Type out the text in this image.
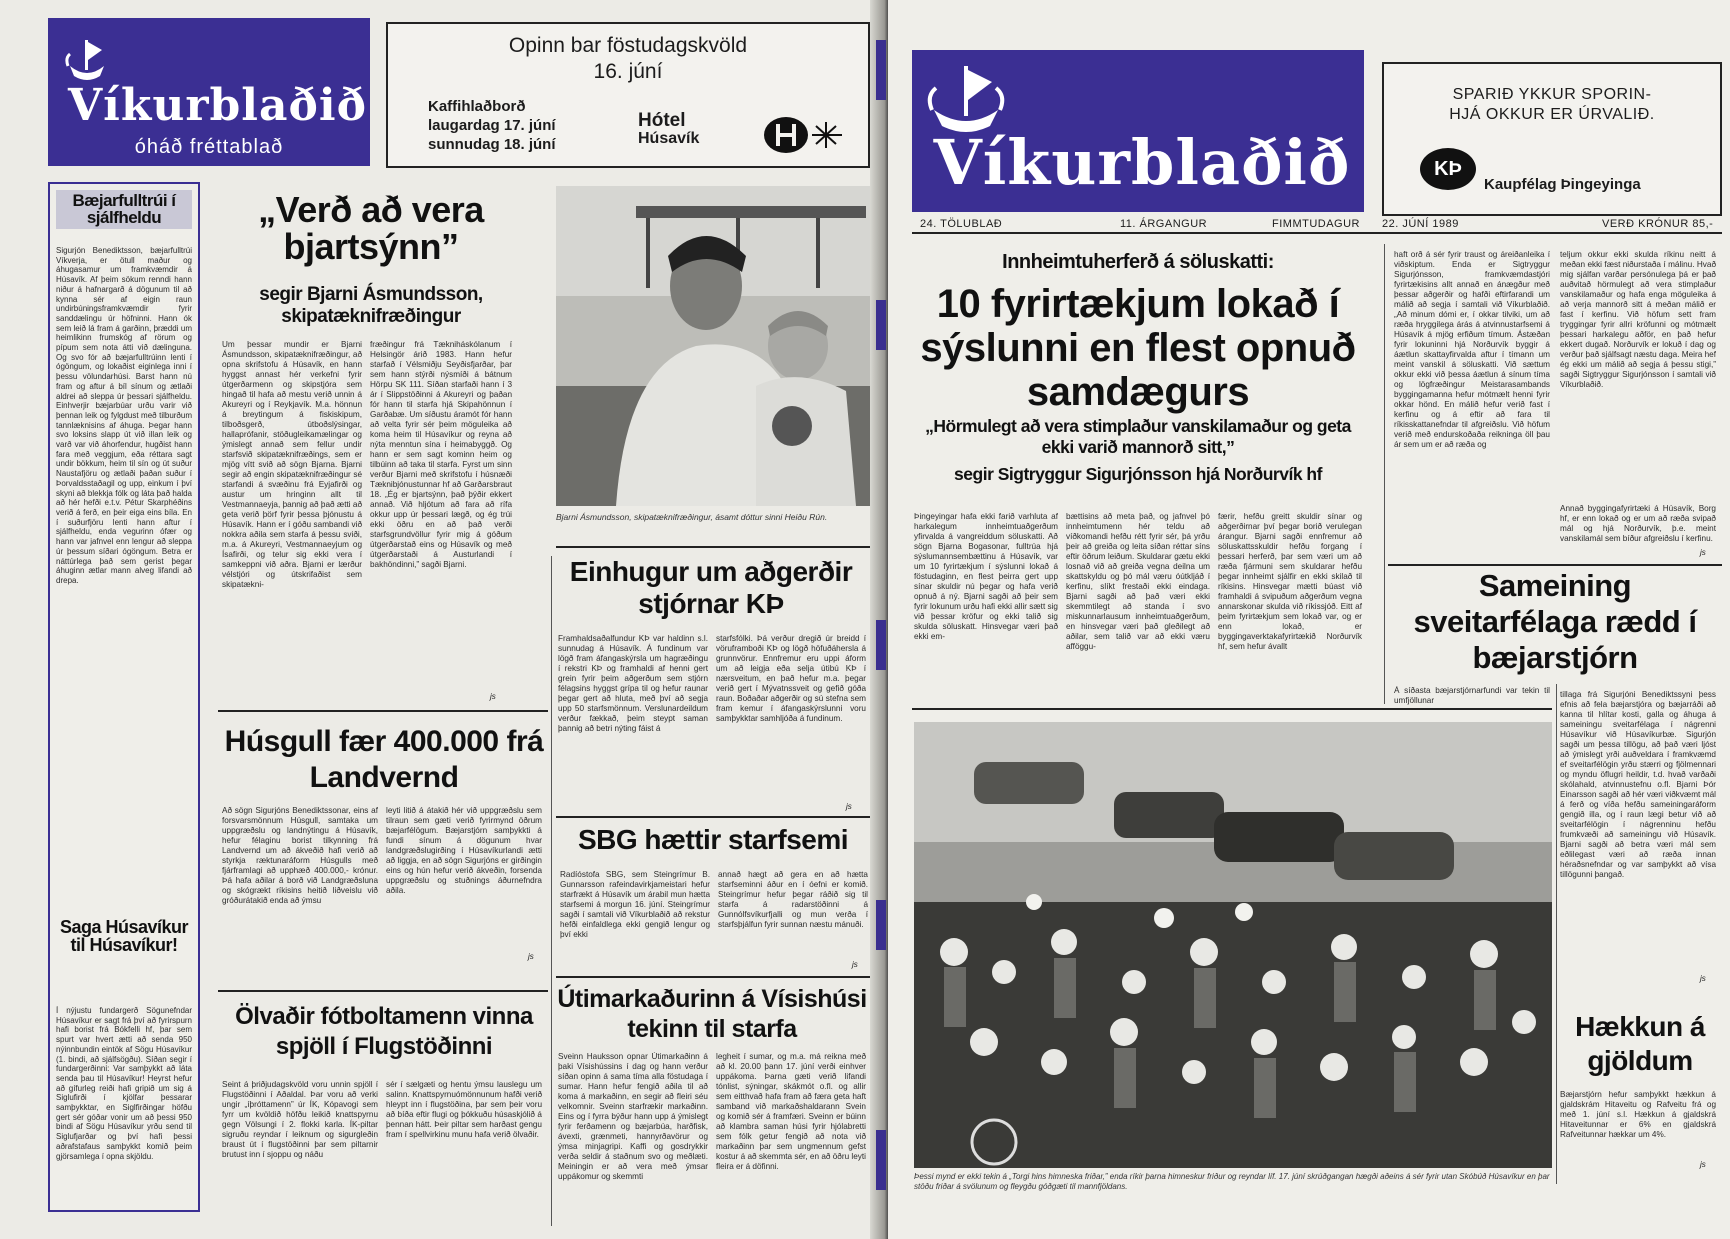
Víkurblaðið
óháð fréttablað
Opinn bar föstudagskvöld
16. júní
Kaffihlaðborð
laugardag 17. júní
sunnudag 18. júní
Hótel
Húsavík
Bæjarfulltrúi í sjálfheldu
Sigurjón Benediktsson, bæjarfulltrúi Víkverja, er ötull maður og áhugasamur um framkvæmdir á Húsavík. Af þeim sökum renndi hann niður á hafnargarð á dögunum til að kynna sér af eigin raun undirbúningsframkvæmdir fyrir sanddælingu úr höfninni. Hann ók sem leið lá fram á garðinn, þræddi um heimlikinn frumskóg af rörum og pípum sem nota átti við dælinguna. Og svo fór að bæjarfulltrúinn lenti í ógöngum, og lokaðist eiginlega inni í þessu völundarhúsi. Barst hann nú fram og aftur á bíl sínum og ætlaði aldrei að sleppa úr þessari sjálfheldu. Einhverjir bæjarbúar urðu varir við þennan leik og fylgdust með tilburðum tannlæknisins af áhuga. Þegar hann svo loksins slapp út við illan leik og varð var við áhorfendur, hugðist hann fara með veggjum, eða réttara sagt undir bökkum, heim til sín og út suður Naustafjöru og ætlaði þaðan suður í Þorvaldsstaðagil og upp, einkum í því skyni að blekkja fólk og láta það halda að hér hefði e.t.v. Pétur Skarphéðins verið á ferð, en þeir eiga eins bíla. En í suðurfjöru lenti hann aftur í sjálfheldu, enda vegurinn ófær og hann var jafnvel enn lengur að sleppa úr þessum síðari ógöngum. Betra er náttúrlega það sem gerist þegar áhuginn ætlar mann alveg lifandi að drepa.
Saga Húsavíkur til Húsavíkur!
Í nýjustu fundargerð Sögunefndar Húsavíkur er sagt frá því að fyrirspurn hafi borist frá Bókfelli hf, þar sem spurt var hvert ætti að senda 950 nýinnbundin eintök af Sögu Húsavíkur (1. bindi, að sjálfsögðu). Síðan segir í fundargerðinni: Var samþykkt að láta senda þau til Húsavíkur! Heyrst hefur að gífurleg reiði hafi gripið um sig á Siglufirði í kjölfar þessarar samþykktar, en Siglfirðingar höfðu gert sér góðar vonir um að þessi 950 bindi af Sögu Húsavíkur yrðu send til Siglufjarðar og því hafi þessi aðrafstafaus samþykkt komið þeim gjörsamlega í opna skjöldu.
„Verð að vera bjartsýnn”
segir Bjarni Ásmundsson, skipatæknifræðingur
Um þessar mundir er Bjarni Ásmundsson, skipatæknifræðingur, að opna skrifstofu á Húsavík, en hann hyggst annast hér verkefni fyrir útgerðarmenn og skipstjóra sem hingað til hafa að mestu verið unnin á Akureyri og í Reykjavík. M.a. hönnun á breytingum á fiskiskipum, tilboðsgerð, útboðslýsingar, hallaprófanir, stöðugleikamælingar og ýmislegt annað sem fellur undir starfsvið skipatæknifræðings, sem er mjög vítt svið að sögn Bjarna. Bjarni segir að engin skipatæknifræðingur sé starfandi á svæðinu frá Eyjafirði og austur um hringinn allt til Vestmannaeyja, þannig að það ætti að geta verið þörf fyrir þessa þjónustu á Húsavík. Hann er í góðu sambandi við nokkra aðila sem starfa á þessu sviði, m.a. á Akureyri, Vestmannaeyjum og Ísafirði, og telur sig ekki vera í samkeppni við aðra. Bjarni er lærður vélstjóri og útskrifaðist sem skipatækni-
fræðingur frá Tækniháskólanum í Helsingör árið 1983. Hann hefur starfað í Vélsmiðju Seyðisfjarðar, þar sem hann stýrði nýsmíði á bátnum Hörpu SK 111. Síðan starfaði hann í 3 ár í Slippstöðinni á Akureyri og þaðan fór hann til starfa hjá Skipahönnun í Garðabæ. Um síðustu áramót fór hann að velta fyrir sér þeim möguleika að koma heim til Húsavíkur og reyna að nýta menntun sína í heimabyggð. Og hann er sem sagt kominn heim og tilbúinn að taka til starfa. Fyrst um sinn verður Bjarni með skrifstofu í húsnæði Tæknibjónustunnar hf að Garðarsbraut 18. „Ég er bjartsýnn, það þýðir ekkert annað. Við hljótum að fara að rífa okkur upp úr þessari lægð, og ég trúi ekki öðru en að það verði starfsgrundvöllur fyrir mig á góðum útgerðarstað eins og Húsavík og með útgerðarstaði á Austurlandi í bakhöndinni,” sagði Bjarni.
js
Bjarni Ásmundsson, skipatæknifræðingur, ásamt dóttur sinni Heiðu Rún.
Einhugur um aðgerðir stjórnar KÞ
Framhaldsaðalfundur KÞ var haldinn s.l. sunnudag á Húsavík. Á fundinum var lögð fram áfangaskýrsla um hagræðingu í rekstri KÞ og framhaldi af henni gert grein fyrir þeim aðgerðum sem stjórn félagsins hyggst grípa til og hefur raunar þegar gert að hluta, með því að segja upp 50 starfsmönnum. Verslunardeildum verður fækkað, þeim steypt saman þannig að betri nýting fáist á
starfsfólki. Þá verður dregið úr breidd í vöruframboði KÞ og lögð höfuðáhersla á grunnvörur. Ennfremur eru uppi áform um að leigja eða selja útibú KÞ í nærsveitum, en það hefur m.a. þegar verið gert í Mývatnssveit og gefið góða raun. Boðaðar aðgerðir og sú stefna sem fram kemur í áfangaskýrslunni voru samþykktar samhljóða á fundinum.
js
Húsgull fær 400.000 frá Landvernd
Að sögn Sigurjóns Benediktssonar, eins af forsvarsmönnum Húsgull, samtaka um uppgræðslu og landnýtingu á Húsavík, hefur félaginu borist tilkynning frá Landvernd um að ákveðið hafi verið að styrkja ræktunaráform Húsgulls með fjárframlagi að upphæð 400.000,- krónur. Þá hafa aðilar á borð við Landgræðsluna og skógrækt ríkisins heitið liðveislu við gróðurátakið enda að ýmsu
leyti litið á átakið hér við uppgræðslu sem tilraun sem gæti verið fyrirmynd öðrum bæjarfélögum. Bæjarstjórn samþykkti á fundi sínum á dögunum hvar landgræðslugirðing í Húsavíkurlandi ætti að liggja, en að sögn Sigurjóns er girðingin eins og hún hefur verið ákveðin, forsenda uppgræðslu og stuðnings áðurnefndra aðila.
js
SBG hættir starfsemi
Radíóstofa SBG, sem Steingrímur B. Gunnarsson rafeindavirkjameistari hefur starfrækt á Húsavík um árabil mun hætta starfsemi á morgun 16. júní. Steingrímur sagði í samtali við Víkurblaðið að rekstur hefði einfaldlega ekki gengið lengur og því ekki
annað hægt að gera en að hætta starfseminni áður en í óefni er komið. Steingrímur hefur þegar ráðið sig til starfa á radarstöðinni á Gunnólfsvíkurfjalli og mun verða í starfsþjálfun fyrir sunnan næstu mánuði.
js
Ölvaðir fótboltamenn vinna spjöll í Flugstöðinni
Seint á þriðjudagskvöld voru unnin spjöll í Flugstöðinni í Aðaldal. Þar voru að verki ungir „íþróttamenn” úr ÍK, Kópavogi sem fyrr um kvöldið höfðu leikið knattspyrnu gegn Völsungi í 2. flokki karla. ÍK-piltar sigruðu reyndar í leiknum og sigurgleðin braust út í flugstöðinni þar sem piltarnir brutust inn í sjoppu og náðu
sér í sælgæti og hentu ýmsu lauslegu um salinn. Knattspyrnuómönnunum hafði verið hleypt inn í flugstöðina, þar sem þeir voru að bíða eftir flugi og þókkuðu húsaskjólið á þennan hátt. Þeir piltar sem harðast gengu fram í spellvirkinu munu hafa verið ölvaðir.
Útimarkaðurinn á Vísishúsi tekinn til starfa
Sveinn Hauksson opnar Útimarkaðinn á þaki Vísishússins í dag og hann verður síðan opinn á sama tíma alla föstudaga í sumar. Hann hefur fengið aðila til að koma á markaðinn, en segir að fleiri séu velkomnir. Sveinn starfrækir markaðinn. Eins og í fyrra býður hann upp á ýmislegt fyrir ferðamenn og bæjarbúa, harðfisk, ávexti, grænmeti, hannyrðavörur og ýmsa minjagripi. Kaffi og gosdrykkir verða seldir á staðnum svo og meðlæti. Meiningin er að vera með ýmsar uppákomur og skemmti
legheit í sumar, og m.a. má reikna með að kl. 20.00 þann 17. júní verði einhver uppákoma. Þarna gæti verið lifandi tónlist, sýningar, skákmót o.fl. og allir sem eitthvað hafa fram að færa geta haft samband við markaðshaldarann Svein og komið sér á framfæri. Sveinn er búinn að klambra saman húsi fyrir hjólabretti sem fólk getur fengið að nota við markaðinn þar sem ungmennum gefst kostur á að skemmta sér, en að öðru leyti fleira er á döfinni.
Víkurblaðið
SPARIÐ YKKUR SPORIN-
HJÁ OKKUR ER ÚRVALIÐ.
KÞ
Kaupfélag Þingeyinga
24. TÖLUBLAÐ	11. ÁRGANGUR	FIMMTUDAGUR 22. JÚNÍ 1989	VERÐ KRÓNUR 85,-
Innheimtuherferð á söluskatti:
10 fyrirtækjum lokað í sýslunni en flest opnuð samdægurs
„Hörmulegt að vera stimplaður vanskilamaður og geta ekki varið mannorð sitt,”
segir Sigtryggur Sigurjónsson hjá Norðurvík hf
Þingeyingar hafa ekki farið varhluta af harkalegum innheimtuaðgerðum yfirvalda á vangreiddum söluskatti. Að sögn Bjarna Bogasonar, fulltrúa hjá sýslumannsembættinu á Húsavík, var um 10 fyrirtækjum í sýslunni lokað á föstudaginn, en flest þeirra gert upp sínar skuldir nú þegar og hafa verið opnuð á ný. Bjarni sagði að þeir sem fyrir lokunum urðu hafi ekki allir sætt sig við þessar kröfur og ekki talið sig skulda söluskatt. Hinsvegar væri það ekki em-
bættisins að meta það, og jafnvel þó innheimtumenn hér teldu að víðkomandi hefðu rétt fyrir sér, þá yrðu þeir að greiða og leita síðan réttar síns eftir öðrum leiðum. Skuldarar gætu ekki losnað við að greiða vegna deilna um skattskyldu og þó mál væru óútkljáð í kerfinu, slíkt frestaði ekki eindaga. Bjarni sagði að það væri ekki skemmtilegt að standa í svo miskunnarlausum innheimtuaðgerðum, en hinsvegar væri það gleðilegt að aðilar, sem talið var að ekki væru afföggu-
færir, hefðu greitt skuldir sínar og aðgerðirnar því þegar borið verulegan árangur. Bjarni sagði ennfremur að söluskattsskuldir hefðu forgang í þessari herferð, þar sem væri um að ræða fjármuni sem skuldarar hefðu þegar innheimt sjálfir en ekki skilað til ríkisins. Hinsvegar mætti búast við framhaldi á svipuðum aðgerðum vegna annarskonar skulda við ríkissjóð. Eitt af þeim fyrirtækjum sem lokað var, og er enn lokað, er byggingaverktakafyrirtækið Norðurvík hf, sem hefur ávallt
haft orð á sér fyrir traust og áreiðanleika í viðskiptum. Enda er Sigtryggur Sigurjónsson, framkvæmdastjóri fyrirtækisins allt annað en ánægður með þessar aðgerðir og hafði eftirfarandi um málið að segja í samtali við Víkurblaðið. „Að minum dómi er, í okkar tilviki, um að ræða hryggilega árás á atvinnustarfsemi á Húsavík á mjög erfiðum tímum. Ástæðan fyrir lokuninni hjá Norðurvík byggir á áætlun skattayfirvalda aftur í tímann um meint vanskil á söluskatti. Við sættum okkur ekki við þessa áætlun á sínum tíma og lögfræðingur Meistarasambands byggingamanna hefur mótmælt henni fyrir okkar hönd. En málið hefur verið fast í kerfinu og á eftir að fara til ríkisskattanefndar til afgreiðslu. Við höfum verið með endurskoðaða reikninga öll þau ár sem um er að ræða og
teljum okkur ekki skulda ríkinu neitt á meðan ekki fæst niðurstaða í málinu. Hvað mig sjálfan varðar persónulega þá er það auðvitað hörmulegt að vera stimplaður vanskilamaður og hafa enga möguleika á að verja mannorð sitt á meðan málið er fast í kerfinu. Við höfum sett fram tryggingar fyrir allri kröfunni og mótmælt þessari harkalegu aðför, en það hefur ekkert dugað. Norðurvík er lokuð í dag og verður það sjálfsagt næstu daga. Meira hef ég ekki um málið að segja á þessu stigi,” sagði Sigtryggur Sigurjónsson í samtali við Víkurblaðið.
Annað byggingafyrirtæki á Húsavík, Borg hf, er enn lokað og er um að ræða svipað mál og hjá Norðurvík, þ.e. meint vanskilamál sem bíður afgreiðslu í kerfinu.
js
Sameining sveitarfélaga rædd í bæjarstjórn
Á síðasta bæjarstjórnarfundi var tekin til umfjöllunar
tillaga frá Sigurjóni Benediktssyni þess efnis að fela bæjarstjóra og bæjarráði að kanna til hlítar kosti, galla og áhuga á sameiningu sveitarfélaga í nágrenni Húsavíkur við Húsavíkurbæ. Sigurjón sagði um þessa tillögu, að það væri ljóst að ýmislegt yrði auðveldara í framkvæmd ef sveitarfélögin yrðu stærri og fjölmennari og myndu öflugri heildir, t.d. hvað varðaði skólahald, atvinnustefnu o.fl. Bjarni Þór Einarsson sagði að hér væri viðkvæmt mál á ferð og víða hefðu sameiningaráform gengið illa, og í raun lægi betur við að sveitarfélögin í nágrenninu hefðu frumkvæði að sameiningu við Húsavík. Bjarni sagði að betra væri mál sem eðlilegast væri að ræða innan héraðsnefndar og var samþykkt að vísa tillögunni þangað.
js
Hækkun á gjöldum
Bæjarstjórn hefur samþykkt hækkun á gjaldskrám Hitaveitu og Rafveitu frá og með 1. júní s.l. Hækkun á gjaldskrá Hitaveitunnar er 6% en gjaldskrá Rafveitunnar hækkar um 4%.
js
Þessi mynd er ekki tekin á „Torgi hins himneska friðar,” enda ríkir þarna himneskur friður og reyndar líf. 17. júní skrúðgangan hægði aðeins á sér fyrir utan Skóbúð Húsavíkur en þar stöðu friðar á svölunum og fleygðu góðgæti til mannfjöldans.
